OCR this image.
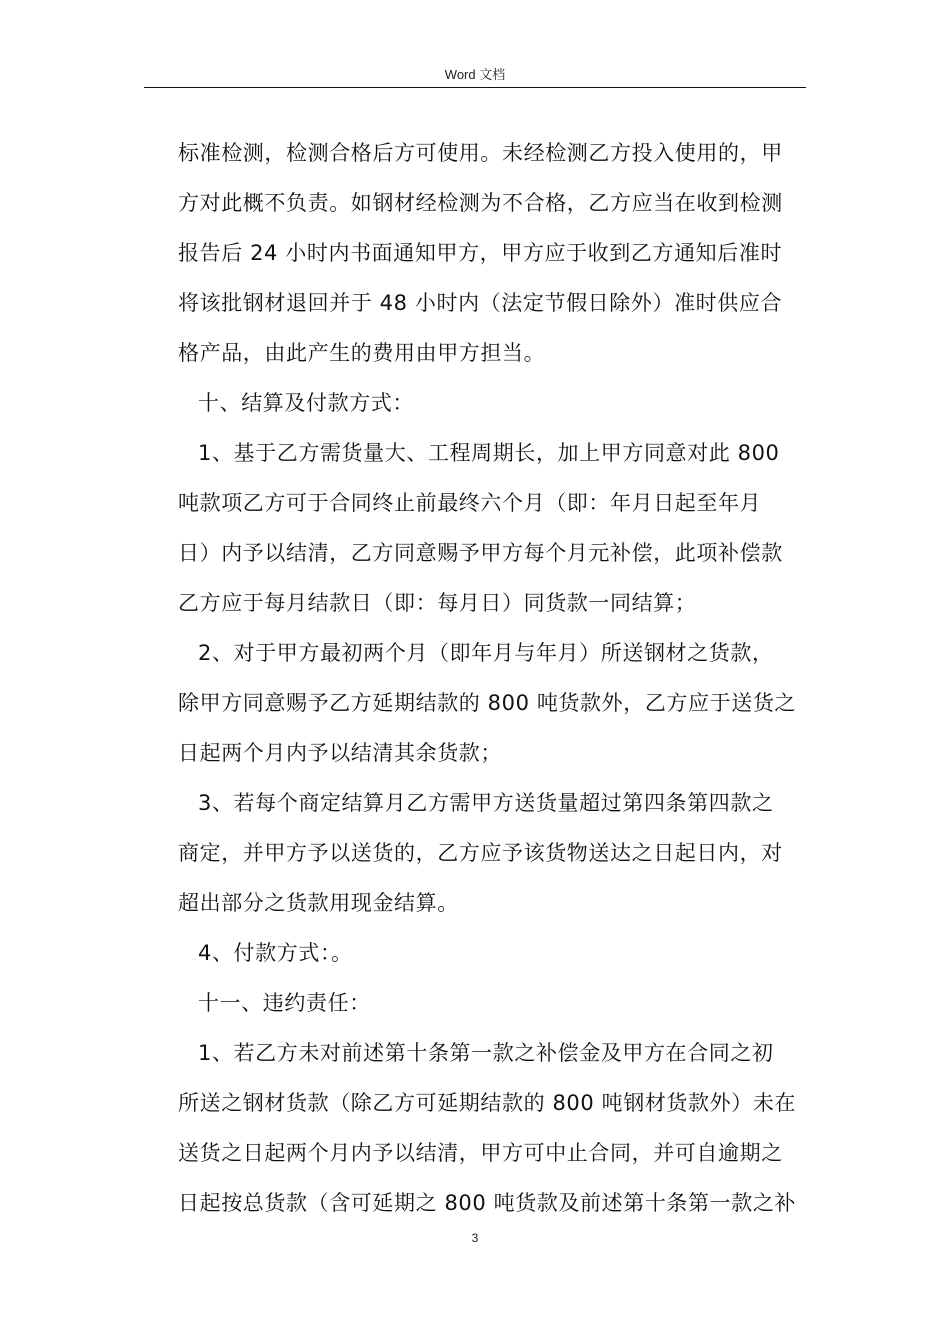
Word 文档
标准检测，检测合格后方可使用。未经检测乙方投入使用的，甲
方对此概不负责。如钢材经检测为不合格，乙方应当在收到检测
报告后 24 小时内书面通知甲方，甲方应于收到乙方通知后准时
将该批钢材退回并于 48 小时内（法定节假日除外）准时供应合
格产品，由此产生的费用由甲方担当。
十、结算及付款方式：
1、基于乙方需货量大、工程周期长，加上甲方同意对此 800
吨款项乙方可于合同终止前最终六个月（即：年月日起至年月
日）内予以结清，乙方同意赐予甲方每个月元补偿，此项补偿款
乙方应于每月结款日（即：每月日）同货款一同结算；
2、对于甲方最初两个月（即年月与年月）所送钢材之货款，
除甲方同意赐予乙方延期结款的 800 吨货款外，乙方应于送货之
日起两个月内予以结清其余货款；
3、若每个商定结算月乙方需甲方送货量超过第四条第四款之
商定，并甲方予以送货的，乙方应予该货物送达之日起日内，对
超出部分之货款用现金结算。
4、付款方式：。
十一、违约责任：
1、若乙方未对前述第十条第一款之补偿金及甲方在合同之初
所送之钢材货款（除乙方可延期结款的 800 吨钢材货款外）未在
送货之日起两个月内予以结清，甲方可中止合同，并可自逾期之
日起按总货款（含可延期之 800 吨货款及前述第十条第一款之补
3
